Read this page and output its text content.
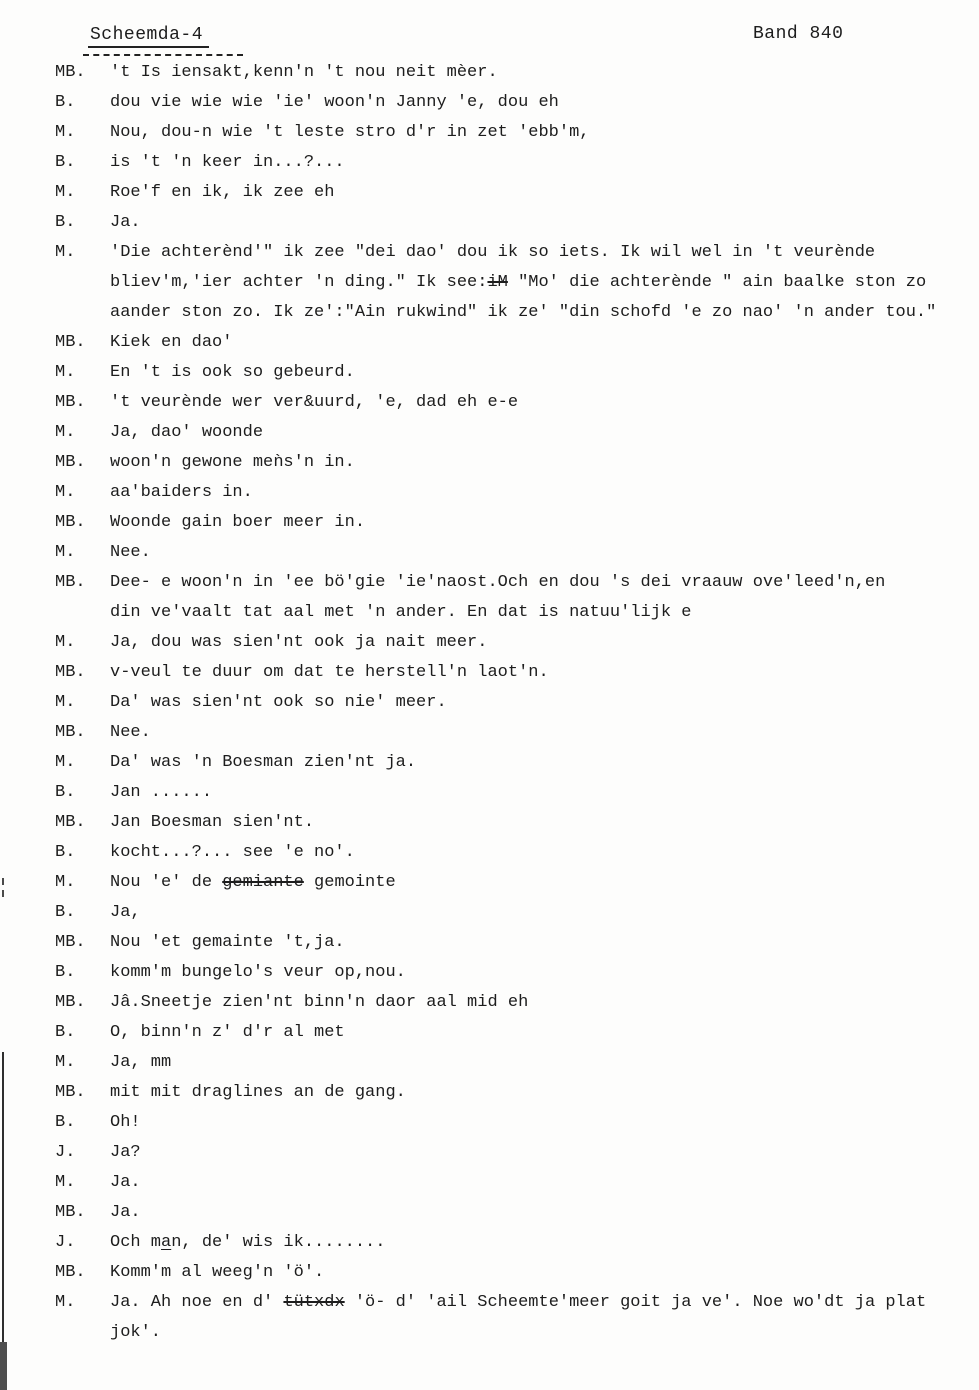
Scheemda-4	Band 840
MB.	't Is iensakt,kenn'n 't nou neit mèer.
B.	dou vie wie wie 'ie' woon'n Janny 'e, dou eh
M.	Nou, dou-n wie 't leste stro d'r in zet 'ebb'm,
B.	is 't 'n keer in...?...
M.	Roe'f en ik, ik zee eh
B.	Ja.
M.	'Die achterènd'" ik zee "dei dao' dou ik so iets. Ik wil wel in 't veurènde
bliev'm,'ier achter 'n ding." Ik see:iM "Mo' die achterènde " ain baalke ston zo
aander ston zo. Ik ze':"Ain rukwind" ik ze' "din schofd 'e zo nao' 'n ander tou."
MB.	Kiek en dao'
M.	En 't is ook so gebeurd.
MB.	't veurènde wer ver&uurd, 'e, dad eh e-e
M.	Ja, dao' woonde
MB.	woon'n gewone meǹs'n in.
M.	aa'baiders in.
MB.	Woonde gain boer meer in.
M.	Nee.
MB.	Dee- e woon'n in 'ee bö'gie 'ie'naost.Och en dou 's dei vraauw ove'leed'n,en
din ve'vaalt tat aal met 'n ander. En dat is natuu'lijk e
M.	Ja, dou was sien'nt ook ja nait meer.
MB.	v-veul te duur om dat te herstell'n laot'n.
M.	Da' was sien'nt ook so nie' meer.
MB.	Nee.
M.	Da' was 'n Boesman zien'nt ja.
B.	Jan ......
MB.	Jan Boesman sien'nt.
B.	kocht...?... see 'e no'.
M.	Nou 'e' de gemiante gemointe
B.	Ja,
MB.	Nou 'et gemainte 't,ja.
B.	komm'm bungelo's veur op,nou.
MB.	Jâ.Sneetje zien'nt binn'n daor aal mid eh
B.	O, binn'n z' d'r al met
M.	Ja, mm
MB.	mit mit draglines an de gang.
B.	Oh!
J.	Ja?
M.	Ja.
MB.	Ja.
J.	Och man, de' wis ik........
MB.	Komm'm al weeg'n 'ö'.
M.	Ja. Ah noe en d' tütxdx 'ö- d' 'ail Scheemte'meer goit ja ve'. Noe wo'dt ja plat
jok'.
